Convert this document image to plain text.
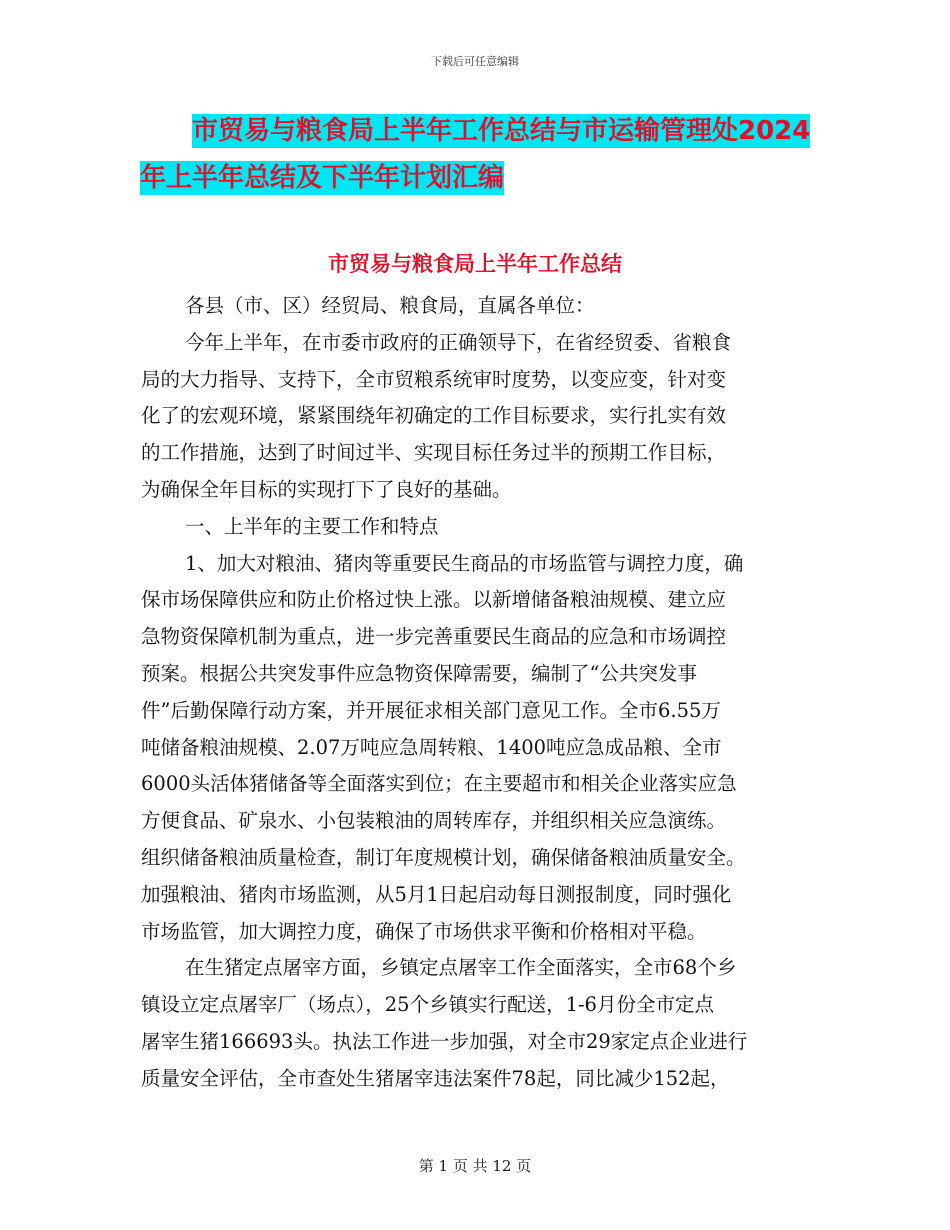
下载后可任意编辑
市贸易与粮食局上半年工作总结与市运输管理处2024
年上半年总结及下半年计划汇编
市贸易与粮食局上半年工作总结
各县（市、区）经贸局、粮食局，直属各单位：
今年上半年，在市委市政府的正确领导下，在省经贸委、省粮食
局的大力指导、支持下，全市贸粮系统审时度势，以变应变，针对变
化了的宏观环境，紧紧围绕年初确定的工作目标要求，实行扎实有效
的工作措施，达到了时间过半、实现目标任务过半的预期工作目标，
为确保全年目标的实现打下了良好的基础。
一、上半年的主要工作和特点
1、加大对粮油、猪肉等重要民生商品的市场监管与调控力度，确
保市场保障供应和防止价格过快上涨。以新增储备粮油规模、建立应
急物资保障机制为重点，进一步完善重要民生商品的应急和市场调控
预案。根据公共突发事件应急物资保障需要，编制了“公共突发事
件”后勤保障行动方案，并开展征求相关部门意见工作。全市6.55万
吨储备粮油规模、2.07万吨应急周转粮、1400吨应急成品粮、全市
6000头活体猪储备等全面落实到位；在主要超市和相关企业落实应急
方便食品、矿泉水、小包装粮油的周转库存，并组织相关应急演练。
组织储备粮油质量检查，制订年度规模计划，确保储备粮油质量安全。
加强粮油、猪肉市场监测，从5月1日起启动每日测报制度，同时强化
市场监管，加大调控力度，确保了市场供求平衡和价格相对平稳。
在生猪定点屠宰方面，乡镇定点屠宰工作全面落实，全市68个乡
镇设立定点屠宰厂（场点），25个乡镇实行配送，1-6月份全市定点
屠宰生猪166693头。执法工作进一步加强，对全市29家定点企业进行
质量安全评估，全市查处生猪屠宰违法案件78起，同比减少152起，
第 1 页 共 12 页
